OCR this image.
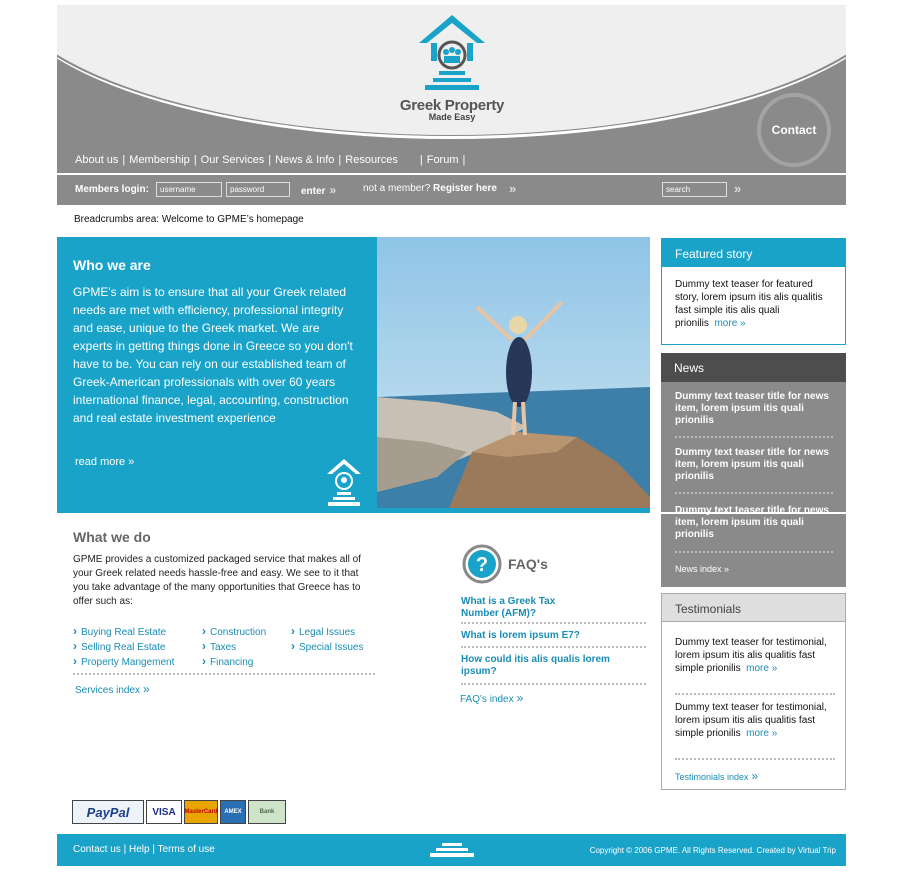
Greek Property
Made Easy
Contact
About us | Membership | Our Services | News & Info | Resources | Forum |
Members login:
username
password	enter »	not a member? Register here »
search	»
Breadcrumbs area: Welcome to GPME’s homepage
Who we are

GPME's aim is to ensure that all your Greek related needs are met with efficiency, professional integrity and ease, unique to the Greek market. We are experts in getting things done in Greece so you don't have to be. You can rely on our established team of Greek-American professionals with over 60 years international finance, legal, accounting, construction and real estate investment experience

read more »
What we do

GPME provides a customized packaged service that makes all of your Greek related needs hassle-free and easy. We see to it that you take advantage of the many opportunities that Greece has to offer such as:

› Buying Real Estate	› Construction	› Legal Issues
› Selling Real Estate	› Taxes	› Special Issues
› Property Mangement	› Financing
Services index »
? FAQ's
What is a Greek Tax Number (AFM)?
What is lorem ipsum E7?
How could itis alis qualis lorem ipsum?
FAQ's index »
Featured story
Dummy text teaser for featured story, lorem ipsum itis alis qualitis fast simple itis alis quali prionilis more »
News
Dummy text teaser title for news item, lorem ipsum itis quali prionilis
Dummy text teaser title for news item, lorem ipsum itis quali prionilis
Dummy text teaser title for news item, lorem ipsum itis quali prionilis
News index »
Testimonials
Dummy text teaser for testimonial, lorem ipsum itis alis qualitis fast simple prionilis more »
Dummy text teaser for testimonial, lorem ipsum itis alis qualitis fast simple prionilis more »
Testimonials index »
PayPal	VISA	MasterCard	AMEX	Bank
Contact us | Help | Terms of use	Copyright © 2006 GPME. All Rights Reserved. Created by Virtual Trip
